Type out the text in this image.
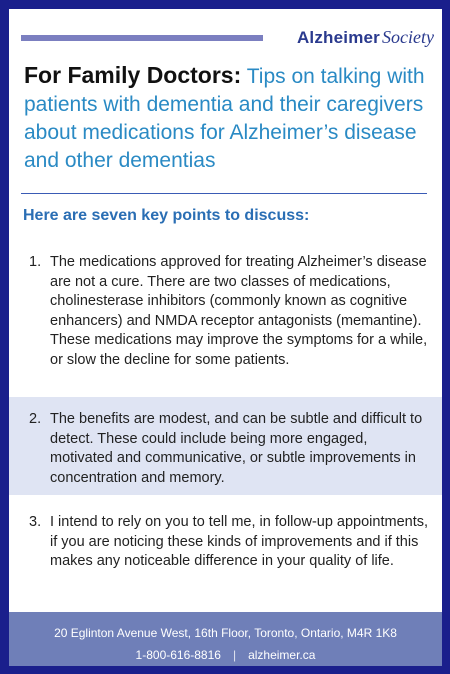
Alzheimer Society
For Family Doctors: Tips on talking with patients with dementia and their caregivers about medications for Alzheimer’s disease and other dementias
Here are seven key points to discuss:
1. The medications approved for treating Alzheimer’s disease are not a cure. There are two classes of medications, cholinesterase inhibitors (commonly known as cognitive enhancers) and NMDA receptor antagonists (memantine). These medications may improve the symptoms for a while, or slow the decline for some patients.
2. The benefits are modest, and can be subtle and difficult to detect. These could include being more engaged, motivated and communicative, or subtle improvements in concentration and memory.
3. I intend to rely on you to tell me, in follow-up appointments, if you are noticing these kinds of improvements and if this makes any noticeable difference in your quality of life.
20 Eglinton Avenue West, 16th Floor, Toronto, Ontario, M4R 1K8
1-800-616-8816 | alzheimer.ca
